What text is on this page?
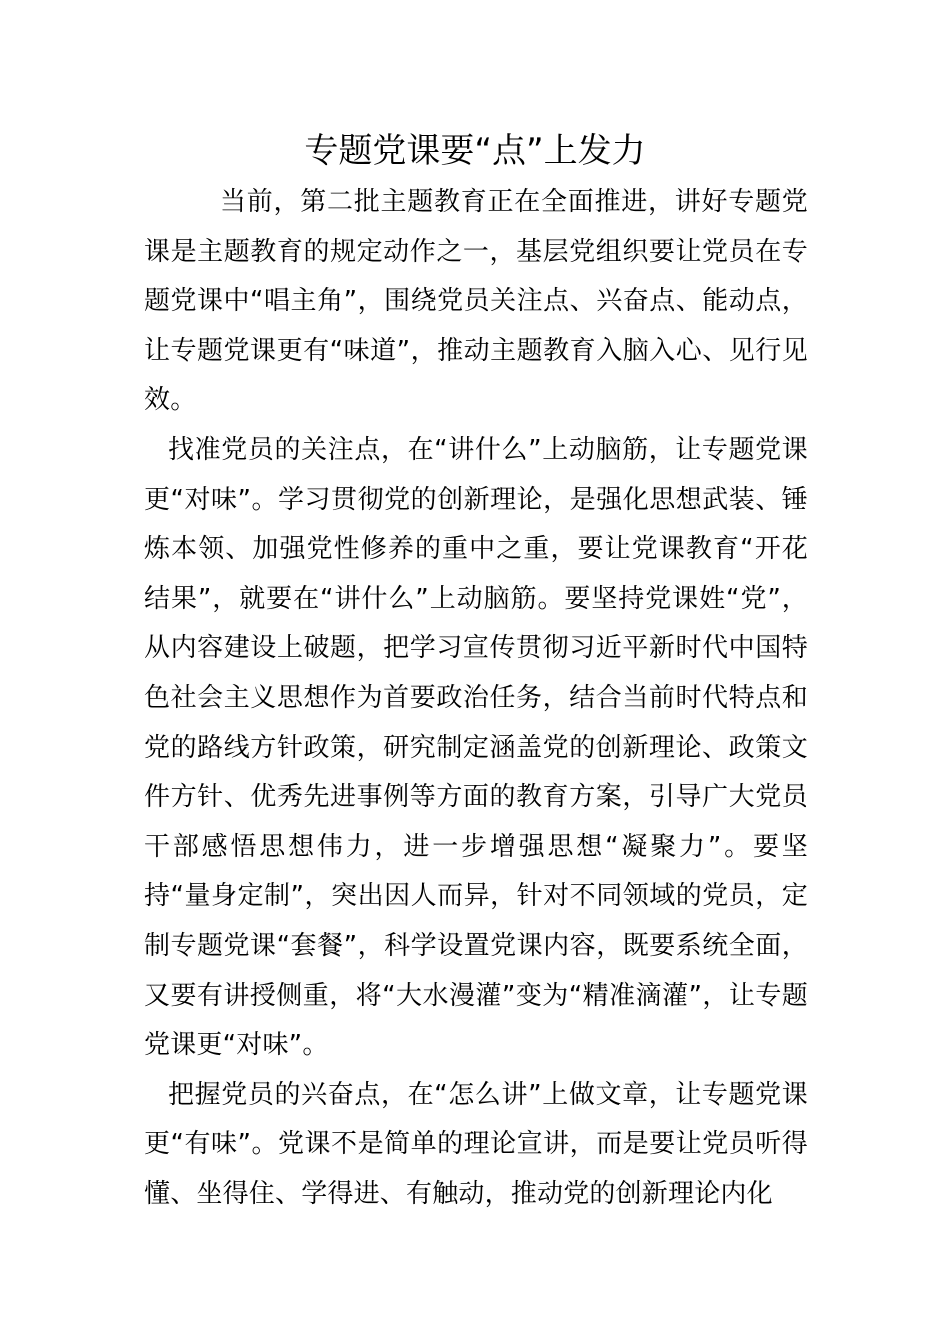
专题党课要“点”上发力

当前，第二批主题教育正在全面推进，讲好专题党课是主题教育的规定动作之一，基层党组织要让党员在专题党课中“唱主角”，围绕党员关注点、兴奋点、能动点，让专题党课更有“味道”，推动主题教育入脑入心、见行见效。

找准党员的关注点，在“讲什么”上动脑筋，让专题党课更“对味”。学习贯彻党的创新理论，是强化思想武装、锤炼本领、加强党性修养的重中之重，要让党课教育“开花结果”，就要在“讲什么”上动脑筋。要坚持党课姓“党”，从内容建设上破题，把学习宣传贯彻习近平新时代中国特色社会主义思想作为首要政治任务，结合当前时代特点和党的路线方针政策，研究制定涵盖党的创新理论、政策文件方针、优秀先进事例等方面的教育方案，引导广大党员干部感悟思想伟力，进一步增强思想“凝聚力”。要坚持“量身定制”，突出因人而异，针对不同领域的党员，定制专题党课“套餐”，科学设置党课内容，既要系统全面，又要有讲授侧重，将“大水漫灌”变为“精准滴灌”，让专题党课更“对味”。

把握党员的兴奋点，在“怎么讲”上做文章，让专题党课更“有味”。党课不是简单的理论宣讲，而是要让党员听得懂、坐得住、学得进、有触动，推动党的创新理论内化
